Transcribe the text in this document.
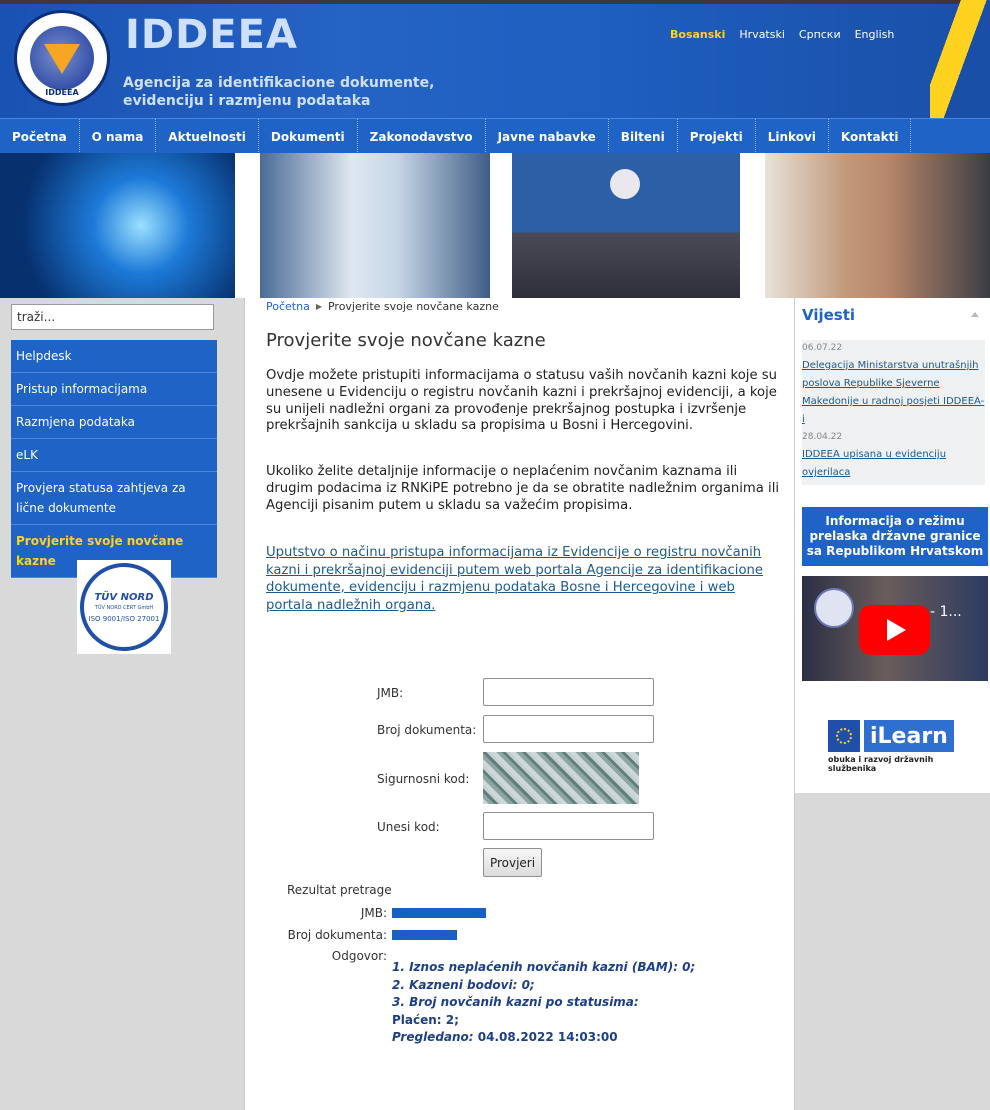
IDDEEA
IDDEEA
Agencija za identifikacione dokumente,
evidenciju i razmjenu podataka
Bosanski Hrvatski Српски English
Početna	O nama	Aktuelnosti	Dokumenti	Zakonodavstvo	Javne nabavke	Bilteni	Projekti	Linkovi	Kontakti
traži...
Helpdesk
Pristup informacijama
Razmjena podataka
eLK
Provjera statusa zahtjeva za lične dokumente
Provjerite svoje novčane kazne
TÜV NORD
TÜV NORD CERT GmbH
ISO 9001/ISO 27001
Početna ▶ Provjerite svoje novčane kazne
Provjerite svoje novčane kazne
Ovdje možete pristupiti informacijama o statusu vaših novčanih kazni koje su unesene u Evidenciju o registru novčanih kazni i prekršajnoj evidenciji, a koje su unijeli nadležni organi za provođenje prekršajnog postupka i izvršenje prekršajnih sankcija u skladu sa propisima u Bosni i Hercegovini.
Ukoliko želite detaljnije informacije o neplaćenim novčanim kaznama ili drugim podacima iz RNKiPE potrebno je da se obratite nadležnim organima ili Agenciji pisanim putem u skladu sa važećim propisima.
Uputstvo o načinu pristupa informacijama iz Evidencije o registru novčanih kazni i prekršajnoj evidenciji putem web portala Agencije za identifikacione dokumente, evidenciju i razmjenu podataka Bosne i Hercegovine i web portala nadležnih organa.
JMB:
Broj dokumenta:
Sigurnosni kod:
Unesi kod:
Provjeri
Rezultat pretrage
JMB:
Broj dokumenta:
Odgovor:
1. Iznos neplaćenih novčanih kazni (BAM): 0;
2. Kazneni bodovi: 0;
3. Broj novčanih kazni po statusima:
Plaćen: 2;
Pregledano: 04.08.2022 14:03:00
Vijesti
06.07.22
Delegacija Ministarstva unutrašnjih poslova Republike Sjeverne Makedonije u radnoj posjeti IDDEEA-i
28.04.22
IDDEEA upisana u evidenciju ovjerilaca
Informacija o režimu prelaska državne granice sa Republikom Hrvatskom
- 1...
iLearn
obuka i razvoj državnih službenika
